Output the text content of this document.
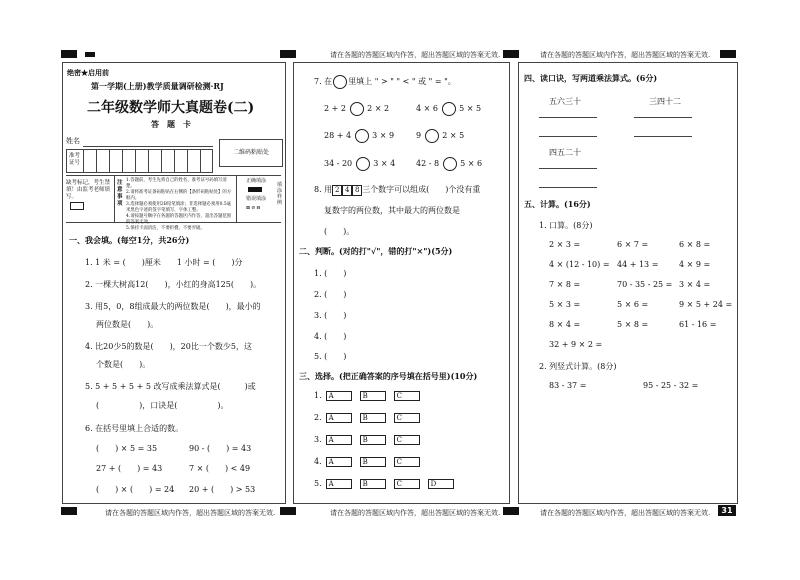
请在各题的答题区域内作答，超出答题区域的答案无效.	请在各题的答题区域内作答，超出答题区域的答案无效.
请在各题的答题区域内作答，超出答题区域的答案无效.	请在各题的答题区域内作答，超出答题区域的答案无效.	请在各题的答题区域内作答，超出答题区域的答案无效.	31
绝密★启用前
第一学期(上册)教学质量调研检测·RJ
二年级数学师大真题卷(二)
答　题　卡
姓名
准考
证号
二维码粘贴处
缺考标记，考生禁填！由监考老师填写。
注
意
事
项
1.答题前，考生先将自己的姓名、准考证号码填写清楚。
2.请将准考证条码粘贴在右侧的【条形码粘贴处】的方框内。
3.选择题必须使用2B铅笔填涂；非选择题必须用0.5毫米黑色字迹的签字笔填写，字体工整。
4.请按题号顺序在各题的答题区内作答，超出答题范围的答案无效。
5.保持卡面清洁，不要折叠、不要弄破。
正确填涂
错误填涂
⊠⊘⊟
填涂样例
一、我会填。(每空1分，共26分)
1. 1 米 = (　　)厘米　　1 小时 = (　　)分
2. 一棵大树高12(　　)，小红的身高125(　　)。
3. 用5，0，8组成最大的两位数是(　　)，最小的
两位数是(　　)。
4. 比20少5的数是(　　)，20比一个数少5，这
个数是(　　)。
5. 5 + 5 + 5 + 5 改写成乘法算式是(　　　)或
(　　　　　)，口诀是(　　　　　)。
6. 在括号里填上合适的数。
(　　) × 5 = 35	90 - (　　) = 43
27 + (　　) = 43	7 × (　　) < 49
(　　) × (　　) = 24 20 + (　　) > 53
7. 在 里填上 " > " " < " 或 " = "。
2 + 2	2 × 2	4 × 6	5 × 5
28 + 4	3 × 9	9	2 × 5
34 - 20	3 × 4	42 - 8	5 × 6
8. 用 2 4 8 三个数字可以组成(　　)个没有重
复数字的两位数，其中最大的两位数是
(　　)。
二、判断。(对的打"√"，错的打"×")(5分)
1. (　　)
2. (　　)
3. (　　)
4. (　　)
5. (　　)
三、选择。(把正确答案的序号填在括号里)(10分)
1. A	B	C
2. A	B	C
3. A	B	C
4. A	B	C
5. A	B	C	D
四、读口诀，写两道乘法算式。(6分)
五六三十	三四十二
四五二十
五、计算。(16分)
1. 口算。(8分)
2 × 3 =	6 × 7 =	6 × 8 =
4 × (12 - 10) = 44 + 13 =	4 × 9 =
7 × 8 =	70 - 35 - 25 = 3 × 4 =
5 × 3 =	5 × 6 =	9 × 5 + 24 =
8 × 4 =	5 × 8 =	61 - 16 =
32 + 9 × 2 =
2. 列竖式计算。(8分)
83 - 37 =	95 - 25 - 32 =
